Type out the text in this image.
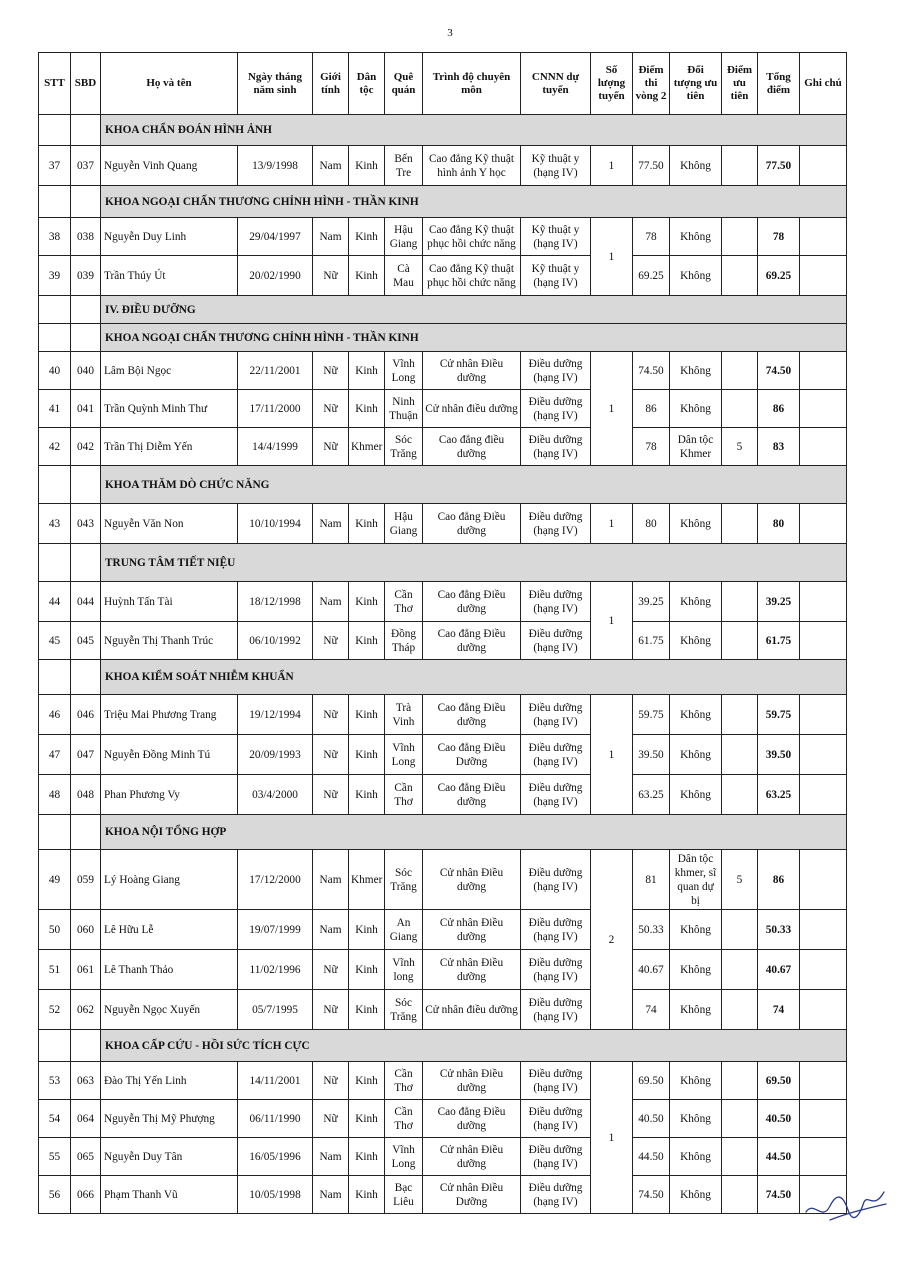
3
STT	SBD	Họ và tên	Ngày tháng năm sinh	Giới tính	Dân tộc	Quê quán	Trình độ chuyên môn	CNNN dự tuyển	Số lượng tuyển	Điểm thi vòng 2	Đối tượng ưu tiên	Điểm ưu tiên	Tổng điểm	Ghi chú
		KHOA CHẨN ĐOÁN HÌNH ẢNH												
37	037	Nguyễn Vinh Quang	13/9/1998	Nam	Kinh	Bến Tre	Cao đẳng Kỹ thuật hình ảnh Y học	Kỹ thuật y (hạng IV)	1	77.50	Không		77.50	
		KHOA NGOẠI CHẤN THƯƠNG CHỈNH HÌNH - THẦN KINH												
38	038	Nguyễn Duy Linh	29/04/1997	Nam	Kinh	Hậu Giang	Cao đẳng Kỹ thuật phục hồi chức năng	Kỹ thuật y (hạng IV)	1	78	Không		78	
39	039	Trần Thúy Út	20/02/1990	Nữ	Kinh	Cà Mau	Cao đẳng Kỹ thuật phục hồi chức năng	Kỹ thuật y (hạng IV)		69.25	Không		69.25	
		IV. ĐIỀU DƯỠNG												
		KHOA NGOẠI CHẤN THƯƠNG CHỈNH HÌNH - THẦN KINH												
40	040	Lâm Bội Ngọc	22/11/2001	Nữ	Kinh	Vĩnh Long	Cử nhân Điều dưỡng	Điều dưỡng (hạng IV)	1	74.50	Không		74.50	
41	041	Trần Quỳnh Minh Thư	17/11/2000	Nữ	Kinh	Ninh Thuận	Cử nhân điều dưỡng	Điều dưỡng (hạng IV)		86	Không		86	
42	042	Trần Thị Diễm Yến	14/4/1999	Nữ	Khmer	Sóc Trăng	Cao đẳng điều dưỡng	Điều dưỡng (hạng IV)		78	Dân tộc Khmer	5	83	
		KHOA THĂM DÒ CHỨC NĂNG												
43	043	Nguyễn Văn Non	10/10/1994	Nam	Kinh	Hậu Giang	Cao đẳng Điều dưỡng	Điều dưỡng (hạng IV)	1	80	Không		80	
		TRUNG TÂM TIẾT NIỆU												
44	044	Huỳnh Tấn Tài	18/12/1998	Nam	Kinh	Cần Thơ	Cao đẳng Điều dưỡng	Điều dưỡng (hạng IV)	1	39.25	Không		39.25	
45	045	Nguyễn Thị Thanh Trúc	06/10/1992	Nữ	Kinh	Đồng Tháp	Cao đẳng Điều dưỡng	Điều dưỡng (hạng IV)		61.75	Không		61.75	
		KHOA KIỂM SOÁT NHIỄM KHUẨN												
46	046	Triệu Mai Phương Trang	19/12/1994	Nữ	Kinh	Trà Vinh	Cao đẳng Điều dưỡng	Điều dưỡng (hạng IV)	1	59.75	Không		59.75	
47	047	Nguyễn Đồng Minh Tú	20/09/1993	Nữ	Kinh	Vĩnh Long	Cao đẳng Điều Dưỡng	Điều dưỡng (hạng IV)		39.50	Không		39.50	
48	048	Phan Phương Vy	03/4/2000	Nữ	Kinh	Cần Thơ	Cao đẳng Điều dưỡng	Điều dưỡng (hạng IV)		63.25	Không		63.25	
		KHOA NỘI TỔNG HỢP												
49	059	Lý Hoàng Giang	17/12/2000	Nam	Khmer	Sóc Trăng	Cử nhân Điều dưỡng	Điều dưỡng (hạng IV)	2	81	Dân tộc khmer, sĩ quan dự bị	5	86	
50	060	Lê Hữu Lễ	19/07/1999	Nam	Kinh	An Giang	Cử nhân Điều dưỡng	Điều dưỡng (hạng IV)		50.33	Không		50.33	
51	061	Lê Thanh Thảo	11/02/1996	Nữ	Kinh	Vĩnh long	Cử nhân Điều dưỡng	Điều dưỡng (hạng IV)		40.67	Không		40.67	
52	062	Nguyễn Ngọc Xuyến	05/7/1995	Nữ	Kinh	Sóc Trăng	Cử nhân điều dưỡng	Điều dưỡng (hạng IV)		74	Không		74	
		KHOA CẤP CỨU - HỒI SỨC TÍCH CỰC												
53	063	Đào Thị Yến Linh	14/11/2001	Nữ	Kinh	Cần Thơ	Cử nhân Điều dưỡng	Điều dưỡng (hạng IV)	1	69.50	Không		69.50	
54	064	Nguyễn Thị Mỹ Phượng	06/11/1990	Nữ	Kinh	Cần Thơ	Cao đẳng Điều dưỡng	Điều dưỡng (hạng IV)		40.50	Không		40.50	
55	065	Nguyễn Duy Tân	16/05/1996	Nam	Kinh	Vĩnh Long	Cử nhân Điều dưỡng	Điều dưỡng (hạng IV)		44.50	Không		44.50	
56	066	Phạm Thanh Vũ	10/05/1998	Nam	Kinh	Bạc Liêu	Cử nhân Điều Dưỡng	Điều dưỡng (hạng IV)		74.50	Không		74.50	
